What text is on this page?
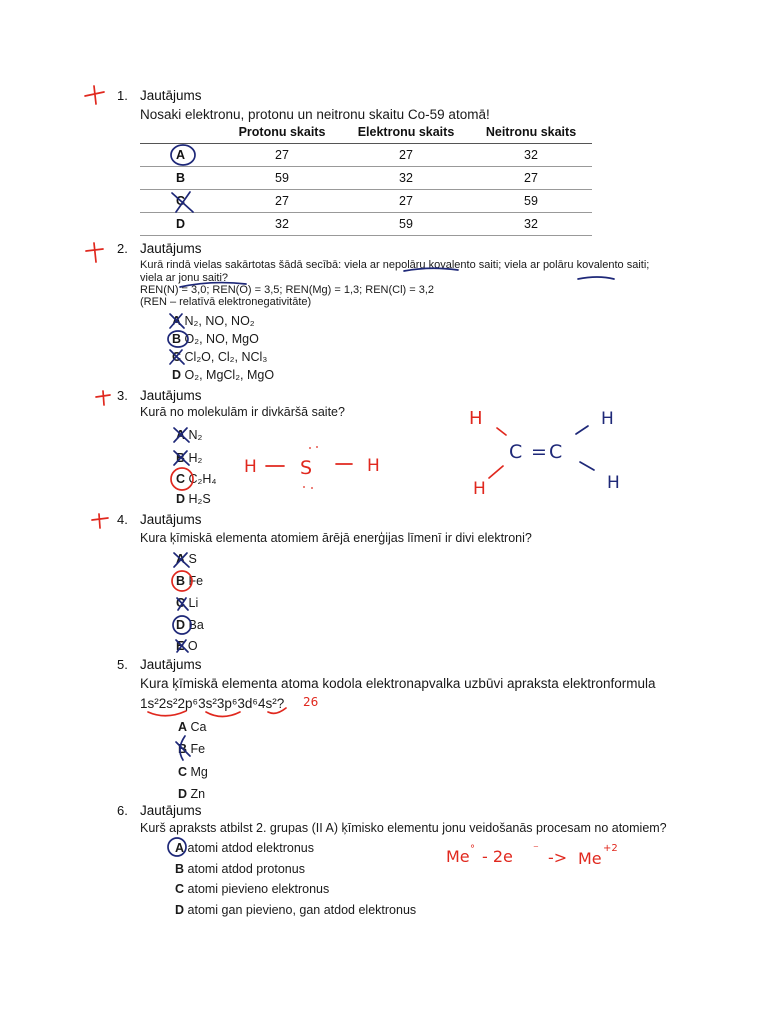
1. Jautājums
Nosaki elektronu, protonu un neitronu skaitu Co-59 atomā!
	Protonu skaits	Elektronu skaits	Neitronu skaits
A	27	27	32
B	59	32	27
C	27	27	59
D	32	59	32
2. Jautājums
Kurā rindā vielas sakārtotas šādā secībā: viela ar nepolāru kovalento saiti; viela ar polāru kovalento saiti;
viela ar jonu saiti?
REN(N) = 3,0; REN(O) = 3,5; REN(Mg) = 1,3; REN(Cl) = 3,2
(REN – relatīvā elektronegativitāte)
A N₂, NO, NO₂
B O₂, NO, MgO
C Cl₂O, Cl₂, NCl₃
D O₂, MgCl₂, MgO
3. Jautājums
Kurā no molekulām ir divkāršā saite?
A N₂
B H₂
C C₂H₄
D H₂S
4. Jautājums
Kura ķīmiskā elementa atomiem ārējā enerģijas līmenī ir divi elektroni?
A S
B Fe
C Li
D Ba
E O
5. Jautājums
Kura ķīmiskā elementa atoma kodola elektronapvalka uzbūvi apraksta elektronformula
1s²2s²2p⁶3s²3p⁶3d⁶4s²?
A Ca
B Fe
C Mg
D Zn
6. Jautājums
Kurš apraksts atbilst 2. grupas (II A) ķīmisko elementu jonu veidošanās procesam no atomiem?
A atomi atdod elektronus
B atomi atdod protonus
C atomi pievieno elektronus
D atomi gan pievieno, gan atdod elektronus
H S	H
H
H
C = C
H
H
26
Me ° - 2e ⁻ -> Me
+2
